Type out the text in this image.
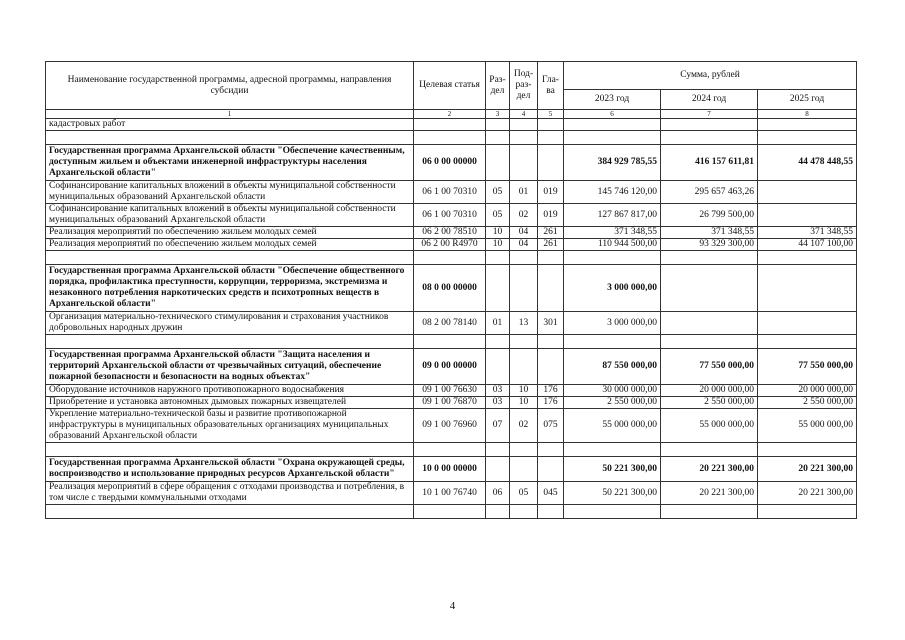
Наименование государственной программы, адресной программы, направления субсидии	Целевая статья	Раз-дел	Под-раз-дел	Гла-ва	Сумма, рублей		
					2023 год	2024 год	2025 год
1	2	3	4	5	6	7	8
кадастровых работ							

Государственная программа Архангельской области "Обеспечение качественным, доступным жильем и объектами инженерной инфраструктуры населения Архангельской области"	06 0 00 00000				384 929 785,55	416 157 611,81	44 478 448,55
Софинансирование капитальных вложений в объекты муниципальной собственности муниципальных образований Архангельской области	06 1 00 70310	05	01	019	145 746 120,00	295 657 463,26	
Софинансирование капитальных вложений в объекты муниципальной собственности муниципальных образований Архангельской области	06 1 00 70310	05	02	019	127 867 817,00	26 799 500,00	
Реализация мероприятий по обеспечению жильем молодых семей	06 2 00 78510	10	04	261	371 348,55	371 348,55	371 348,55
Реализация мероприятий по обеспечению жильем молодых семей	06 2 00 R4970	10	04	261	110 944 500,00	93 329 300,00	44 107 100,00

Государственная программа Архангельской области "Обеспечение общественного порядка, профилактика преступности, коррупции, терроризма, экстремизма и незаконного потребления наркотических средств и психотропных веществ в Архангельской области"	08 0 00 00000				3 000 000,00		
Организация материально-технического стимулирования и страхования участников добровольных народных дружин	08 2 00 78140	01	13	301	3 000 000,00		

Государственная программа Архангельской области "Защита населения и территорий Архангельской области от чрезвычайных ситуаций, обеспечение пожарной безопасности и безопасности на водных объектах"	09 0 00 00000				87 550 000,00	77 550 000,00	77 550 000,00
Оборудование источников наружного противопожарного водоснабжения	09 1 00 76630	03	10	176	30 000 000,00	20 000 000,00	20 000 000,00
Приобретение и установка автономных дымовых пожарных извещателей	09 1 00 76870	03	10	176	2 550 000,00	2 550 000,00	2 550 000,00
Укрепление материально-технической базы и развитие противопожарной инфраструктуры в муниципальных образовательных организациях муниципальных образований Архангельской области	09 1 00 76960	07	02	075	55 000 000,00	55 000 000,00	55 000 000,00

Государственная программа Архангельской области "Охрана окружающей среды, воспроизводство и использование природных ресурсов Архангельской области"	10 0 00 00000				50 221 300,00	20 221 300,00	20 221 300,00
Реализация мероприятий в сфере обращения с отходами производства и потребления, в том числе с твердыми коммунальными отходами	10 1 00 76740	06	05	045	50 221 300,00	20 221 300,00	20 221 300,00

4
